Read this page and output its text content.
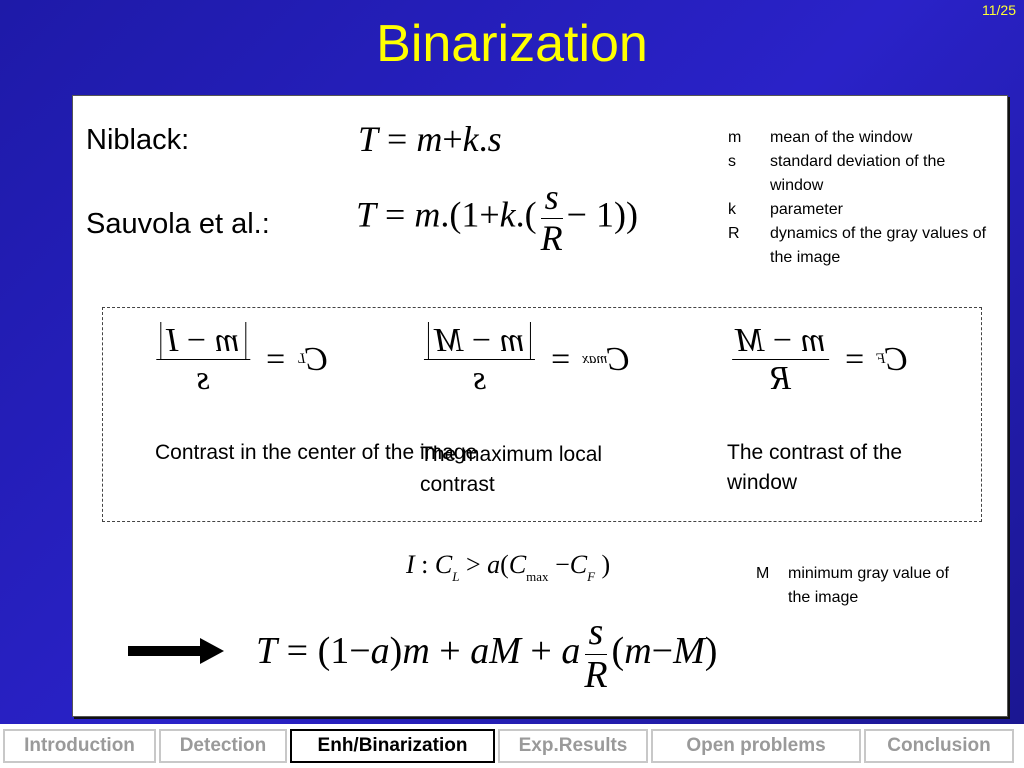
11/25
Binarization
Niblack:	T = m+k.s
Sauvola et al.: $T = m.(1+k.( \frac{s}{R} - 1))$
m	mean of the window
s	standard deviation of the window
k	parameter
R	dynamics of the gray values of the image
C
L
=
$\frac{m - I}{s}$
Contrast in the center of the image
C
max
=
$\frac{m - M}{s}$
The maximum local contrast
C
F
=
$\frac{m - M}{R}$
The contrast of the window
I : $C_L > a(C_{max} -C_F$ )	M	minimum gray value of the image
T = (1−a)m + aM + a $\frac{s}{R} (m-M)$
Introduction	Detection	Enh/Binarization	Exp.Results	Open problems	Conclusion
